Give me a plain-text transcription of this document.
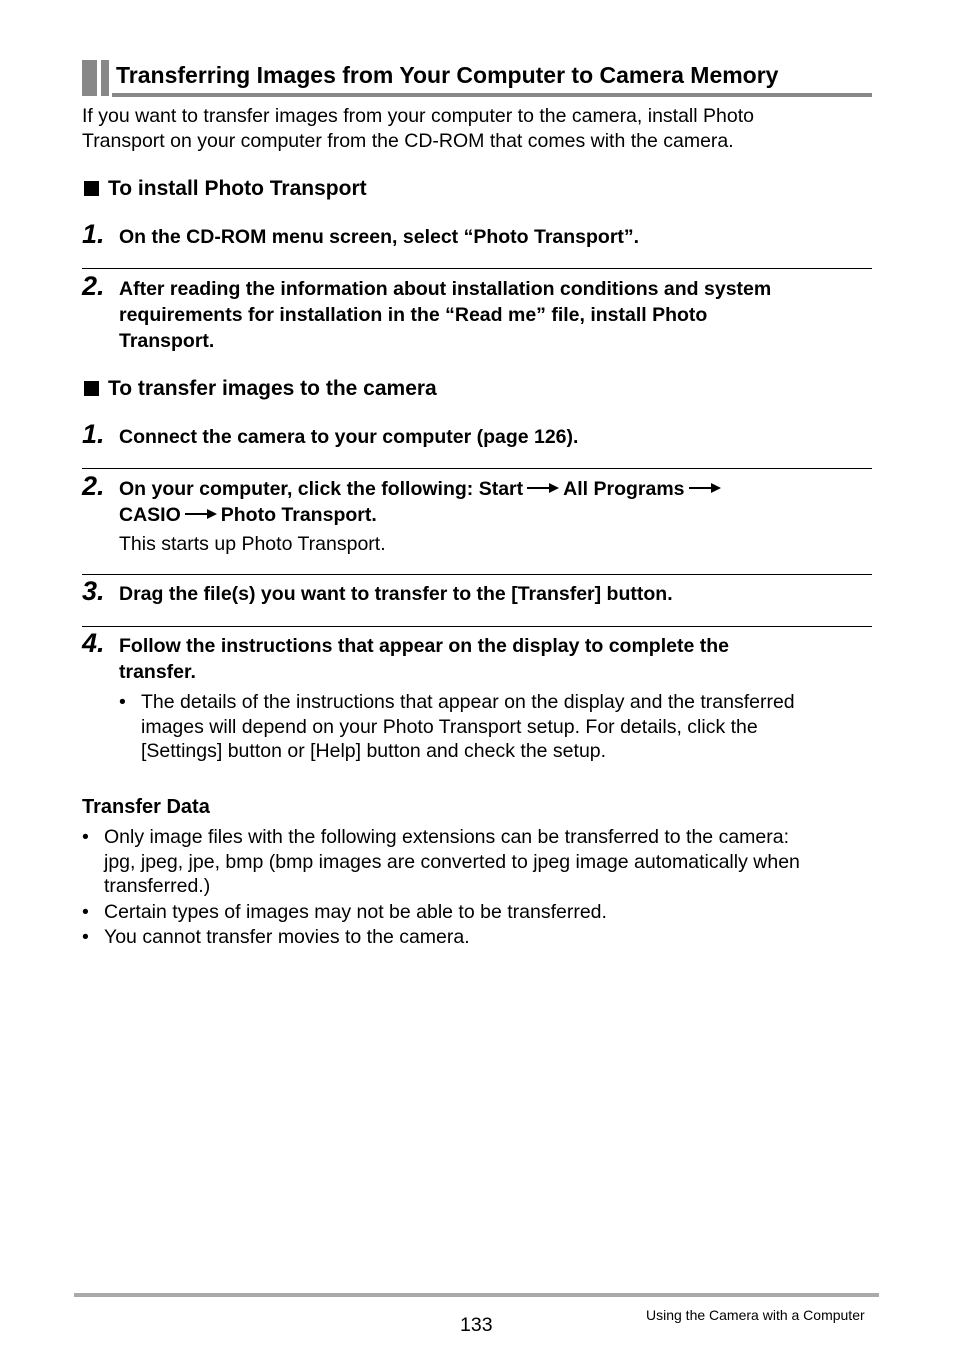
Transferring Images from Your Computer to Camera Memory
If you want to transfer images from your computer to the camera, install Photo
Transport on your computer from the CD-ROM that comes with the camera.
To install Photo Transport
1. On the CD-ROM menu screen, select “Photo Transport”.
2. After reading the information about installation conditions and system
requirements for installation in the “Read me” file, install Photo
Transport.
To transfer images to the camera
1. Connect the camera to your computer (page 126).
2. On your computer, click the following: Start All Programs
CASIO Photo Transport.
This starts up Photo Transport.
3. Drag the file(s) you want to transfer to the [Transfer] button.
4. Follow the instructions that appear on the display to complete the
transfer.
• The details of the instructions that appear on the display and the transferred
images will depend on your Photo Transport setup. For details, click the
[Settings] button or [Help] button and check the setup.
Transfer Data
• Only image files with the following extensions can be transferred to the camera:
jpg, jpeg, jpe, bmp (bmp images are converted to jpeg image automatically when
transferred.)
• Certain types of images may not be able to be transferred.
• You cannot transfer movies to the camera.
133	Using the Camera with a Computer
